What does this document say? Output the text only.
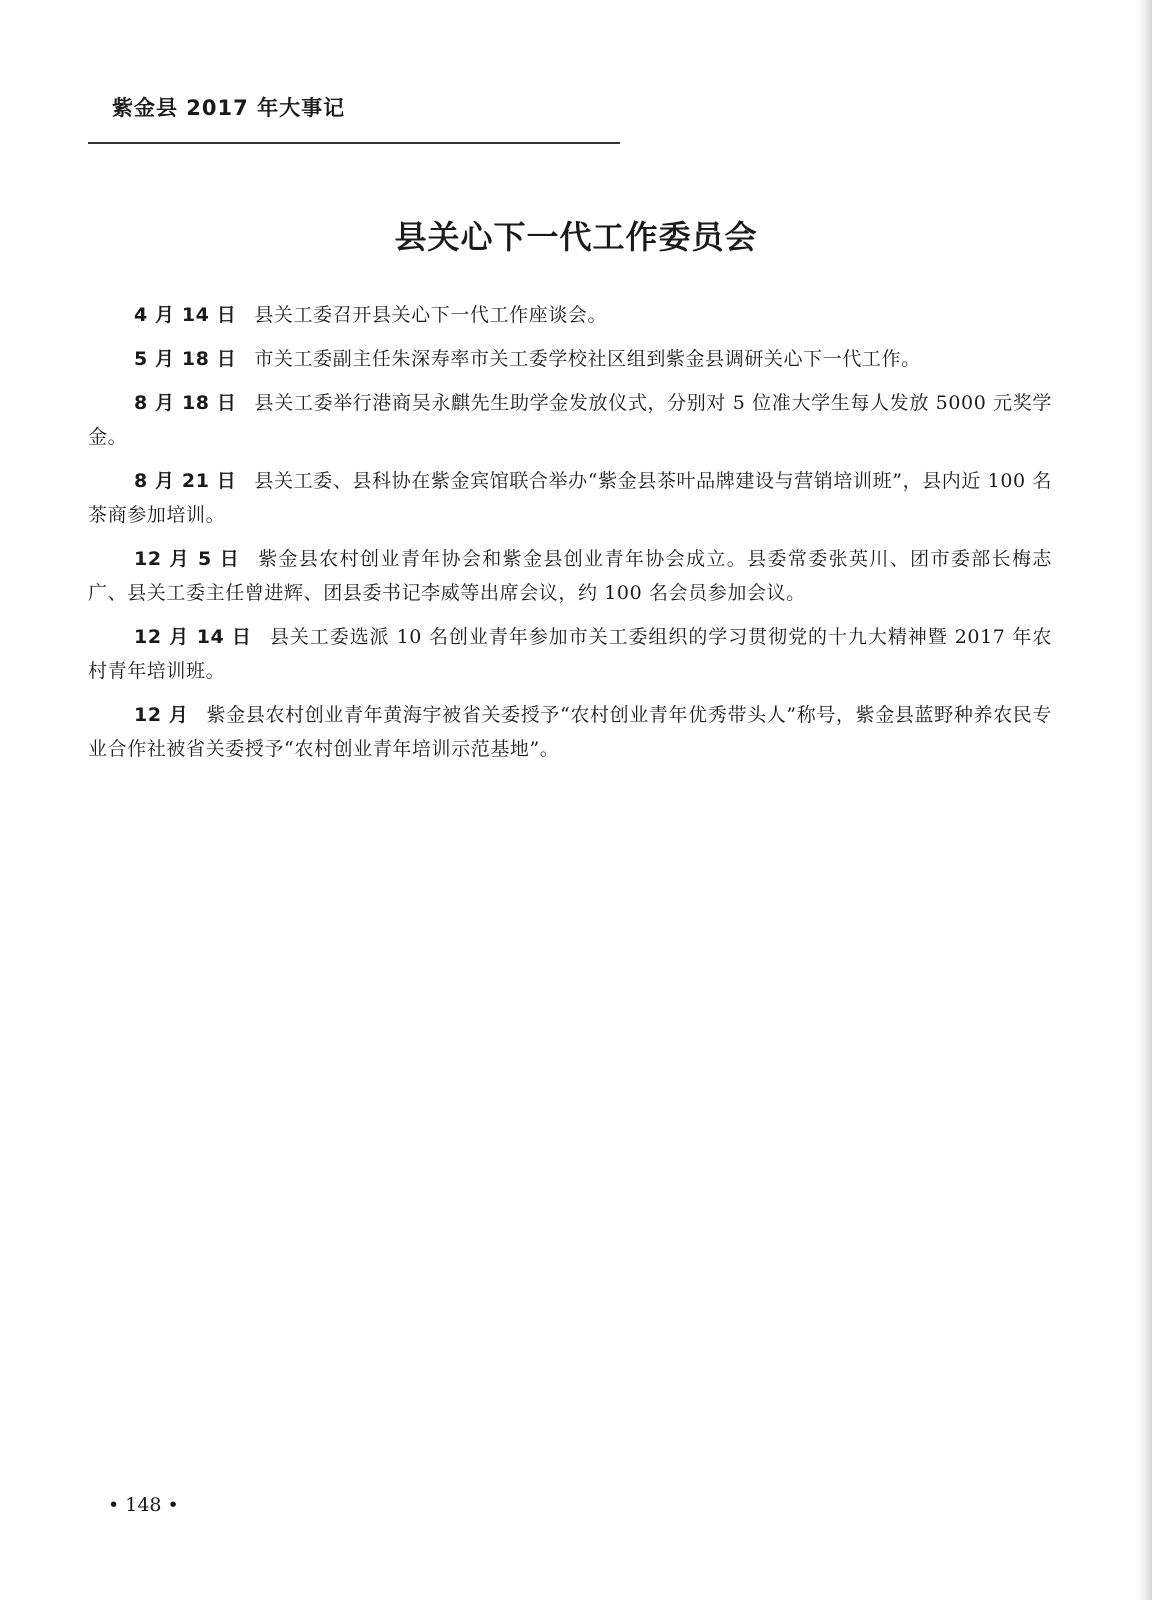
紫金县 2017 年大事记
县关心下一代工作委员会

4 月 14 日 县关工委召开县关心下一代工作座谈会。

5 月 18 日 市关工委副主任朱深寿率市关工委学校社区组到紫金县调研关心下一代工作。

8 月 18 日 县关工委举行港商吴永麒先生助学金发放仪式，分别对 5 位准大学生每人发放 5000 元奖学金。

8 月 21 日 县关工委、县科协在紫金宾馆联合举办“紫金县茶叶品牌建设与营销培训班”，县内近 100 名茶商参加培训。

12 月 5 日 紫金县农村创业青年协会和紫金县创业青年协会成立。县委常委张英川、团市委部长梅志广、县关工委主任曾进辉、团县委书记李威等出席会议，约 100 名会员参加会议。

12 月 14 日 县关工委选派 10 名创业青年参加市关工委组织的学习贯彻党的十九大精神暨 2017 年农村青年培训班。

12 月 紫金县农村创业青年黄海宇被省关委授予“农村创业青年优秀带头人”称号，紫金县蓝野种养农民专业合作社被省关委授予“农村创业青年培训示范基地”。

• 148 •
